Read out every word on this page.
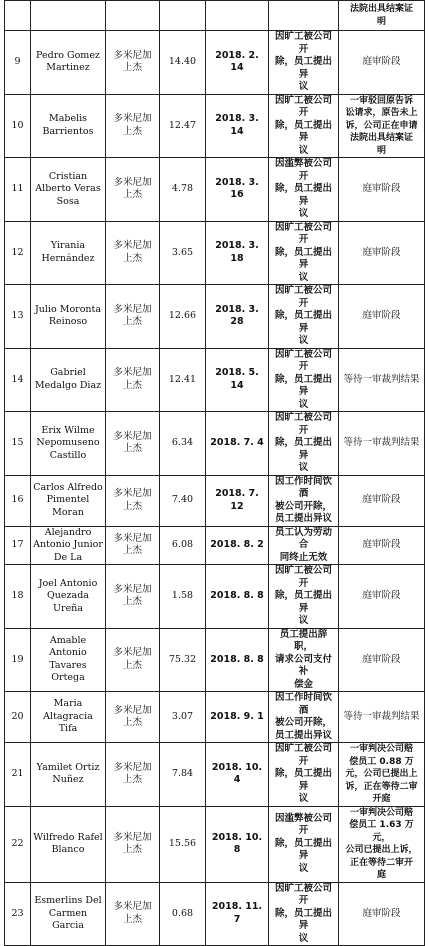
						法院出具结案证
明

9	Pedro Gomez
Martinez	多米尼加
上杰	14.40	2018. 2. 14	因旷工被公司开
除，员工提出异
议	庭审阶段

10	Mabelis
Barrientos	多米尼加
上杰	12.47	2018. 3. 14	因旷工被公司开
除，员工提出异
议	一审驳回原告诉
讼请求，原告未上
诉，公司正在申请
法院出具结案证
明

11	Cristian
Alberto Veras
Sosa	多米尼加
上杰	4.78	2018. 3. 16	因滥弊被公司开
除，员工提出异
议	庭审阶段

12	Yirania
Hernández	多米尼加
上杰	3.65	2018. 3. 18	因旷工被公司开
除，员工提出异
议	庭审阶段

13	Julio Moronta
Reinoso	多米尼加
上杰	12.66	2018. 3. 28	因旷工被公司开
除，员工提出异
议	庭审阶段

14	Gabriel
Medalgo Diaz	多米尼加
上杰	12.41	2018. 5. 14	因旷工被公司开
除，员工提出异
议	等待一审裁判结果

15	Erix Wilme
Nepomuseno
Castillo	多米尼加
上杰	6.34	2018. 7. 4	因旷工被公司开
除，员工提出异
议	等待一审裁判结果

16	Carlos Alfredo
Pimentel
Moran	多米尼加
上杰	7.40	2018. 7. 12	因工作时间饮酒
被公司开除，
员工提出异议	庭审阶段

17	Alejandro
Antonio Junior
De La	多米尼加
上杰	6.08	2018. 8. 2	员工认为劳动合
同终止无效	庭审阶段

18	Joel Antonio
Quezada Ureña	多米尼加
上杰	1.58	2018. 8. 8	因旷工被公司开
除，员工提出异
议	庭审阶段

19	Amable
Antonio
Tavares Ortega	多米尼加
上杰	75.32	2018. 8. 8	员工提出辞职，
请求公司支付补
偿金	庭审阶段

20	Maria
Altagracia Tifa	多米尼加
上杰	3.07	2018. 9. 1	因工作时间饮酒
被公司开除，
员工提出异议	等待一审裁判结果

21	Yamilet Ortiz
Nuñez	多米尼加
上杰	7.84	2018. 10. 4	因旷工被公司开
除，员工提出异
议	一审判决公司赔
偿员工 0.88 万
元，公司已提出上
诉，正在等待二审
开庭

22	Wilfredo Rafel
Blanco	多米尼加
上杰	15.56	2018. 10. 8	因滥弊被公司开
除，员工提出异
议	一审判决公司赔
偿员工 1.63 万元，
公司已提出上诉，
正在等待二审开
庭

23	Esmerlins Del
Carmen Garcia	多米尼加
上杰	0.68	2018. 11. 7	因旷工被公司开
除，员工提出异
议	庭审阶段
